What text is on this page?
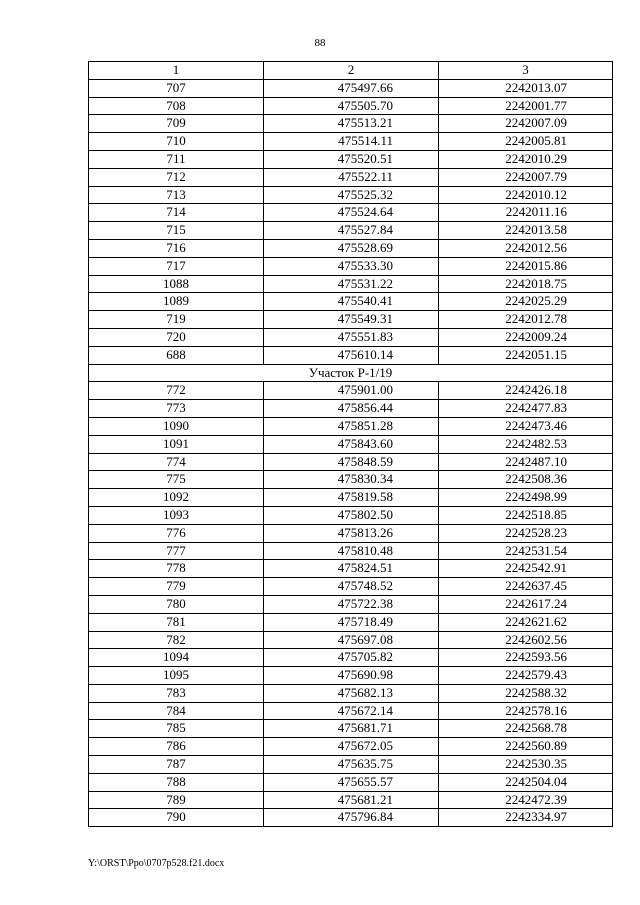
88
1	2	3
707	475497.66	2242013.07
708	475505.70	2242001.77
709	475513.21	2242007.09
710	475514.11	2242005.81
711	475520.51	2242010.29
712	475522.11	2242007.79
713	475525.32	2242010.12
714	475524.64	2242011.16
715	475527.84	2242013.58
716	475528.69	2242012.56
717	475533.30	2242015.86
1088	475531.22	2242018.75
1089	475540.41	2242025.29
719	475549.31	2242012.78
720	475551.83	2242009.24
688	475610.14	2242051.15
Участок Р-1/19		
772	475901.00	2242426.18
773	475856.44	2242477.83
1090	475851.28	2242473.46
1091	475843.60	2242482.53
774	475848.59	2242487.10
775	475830.34	2242508.36
1092	475819.58	2242498.99
1093	475802.50	2242518.85
776	475813.26	2242528.23
777	475810.48	2242531.54
778	475824.51	2242542.91
779	475748.52	2242637.45
780	475722.38	2242617.24
781	475718.49	2242621.62
782	475697.08	2242602.56
1094	475705.82	2242593.56
1095	475690.98	2242579.43
783	475682.13	2242588.32
784	475672.14	2242578.16
785	475681.71	2242568.78
786	475672.05	2242560.89
787	475635.75	2242530.35
788	475655.57	2242504.04
789	475681.21	2242472.39
790	475796.84	2242334.97
Y:\ORST\Ppo\0707p528.f21.docx
